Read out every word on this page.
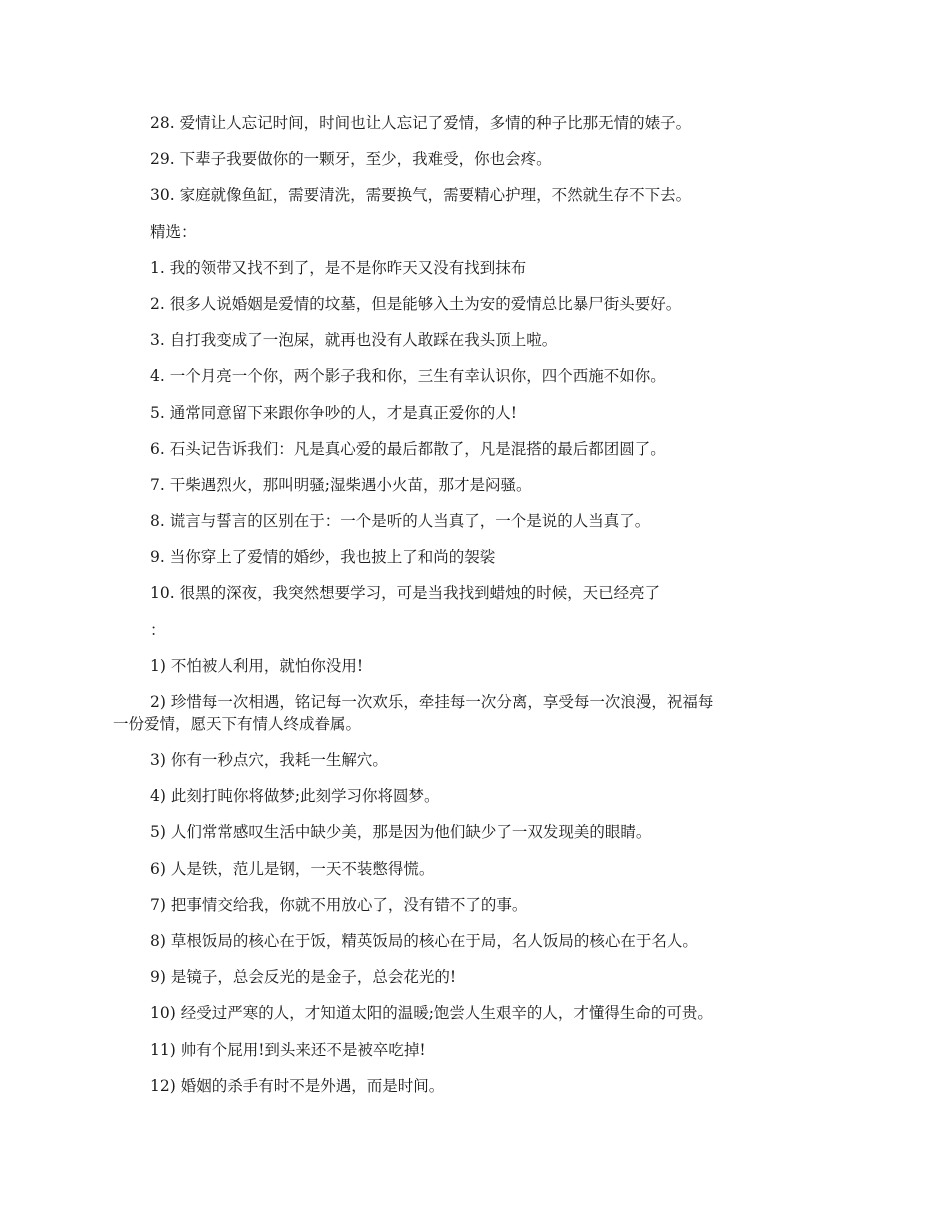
28. 爱情让人忘记时间，时间也让人忘记了爱情，多情的种子比那无情的婊子。

29. 下辈子我要做你的一颗牙，至少，我难受，你也会疼。

30. 家庭就像鱼缸，需要清洗，需要换气，需要精心护理，不然就生存不下去。

精选：

1. 我的领带又找不到了，是不是你昨天又没有找到抹布

2. 很多人说婚姻是爱情的坟墓，但是能够入土为安的爱情总比暴尸街头要好。

3. 自打我变成了一泡屎，就再也没有人敢踩在我头顶上啦。

4. 一个月亮一个你，两个影子我和你，三生有幸认识你，四个西施不如你。

5. 通常同意留下来跟你争吵的人，才是真正爱你的人!

6. 石头记告诉我们：凡是真心爱的最后都散了，凡是混搭的最后都团圆了。

7. 干柴遇烈火，那叫明骚;湿柴遇小火苗，那才是闷骚。

8. 谎言与誓言的区别在于：一个是听的人当真了，一个是说的人当真了。

9. 当你穿上了爱情的婚纱，我也披上了和尚的袈裟

10. 很黑的深夜，我突然想要学习，可是当我找到蜡烛的时候，天已经亮了

：

1) 不怕被人利用，就怕你没用!

2) 珍惜每一次相遇，铭记每一次欢乐，牵挂每一次分离，享受每一次浪漫，祝福每
一份爱情，愿天下有情人终成眷属。

3) 你有一秒点穴，我耗一生解穴。

4) 此刻打盹你将做梦;此刻学习你将圆梦。

5) 人们常常感叹生活中缺少美，那是因为他们缺少了一双发现美的眼睛。

6) 人是铁，范儿是钢，一天不装憋得慌。

7) 把事情交给我，你就不用放心了，没有错不了的事。

8) 草根饭局的核心在于饭，精英饭局的核心在于局，名人饭局的核心在于名人。

9) 是镜子，总会反光的是金子，总会花光的!

10) 经受过严寒的人，才知道太阳的温暖;饱尝人生艰辛的人，才懂得生命的可贵。

11) 帅有个屁用!到头来还不是被卒吃掉!

12) 婚姻的杀手有时不是外遇，而是时间。
